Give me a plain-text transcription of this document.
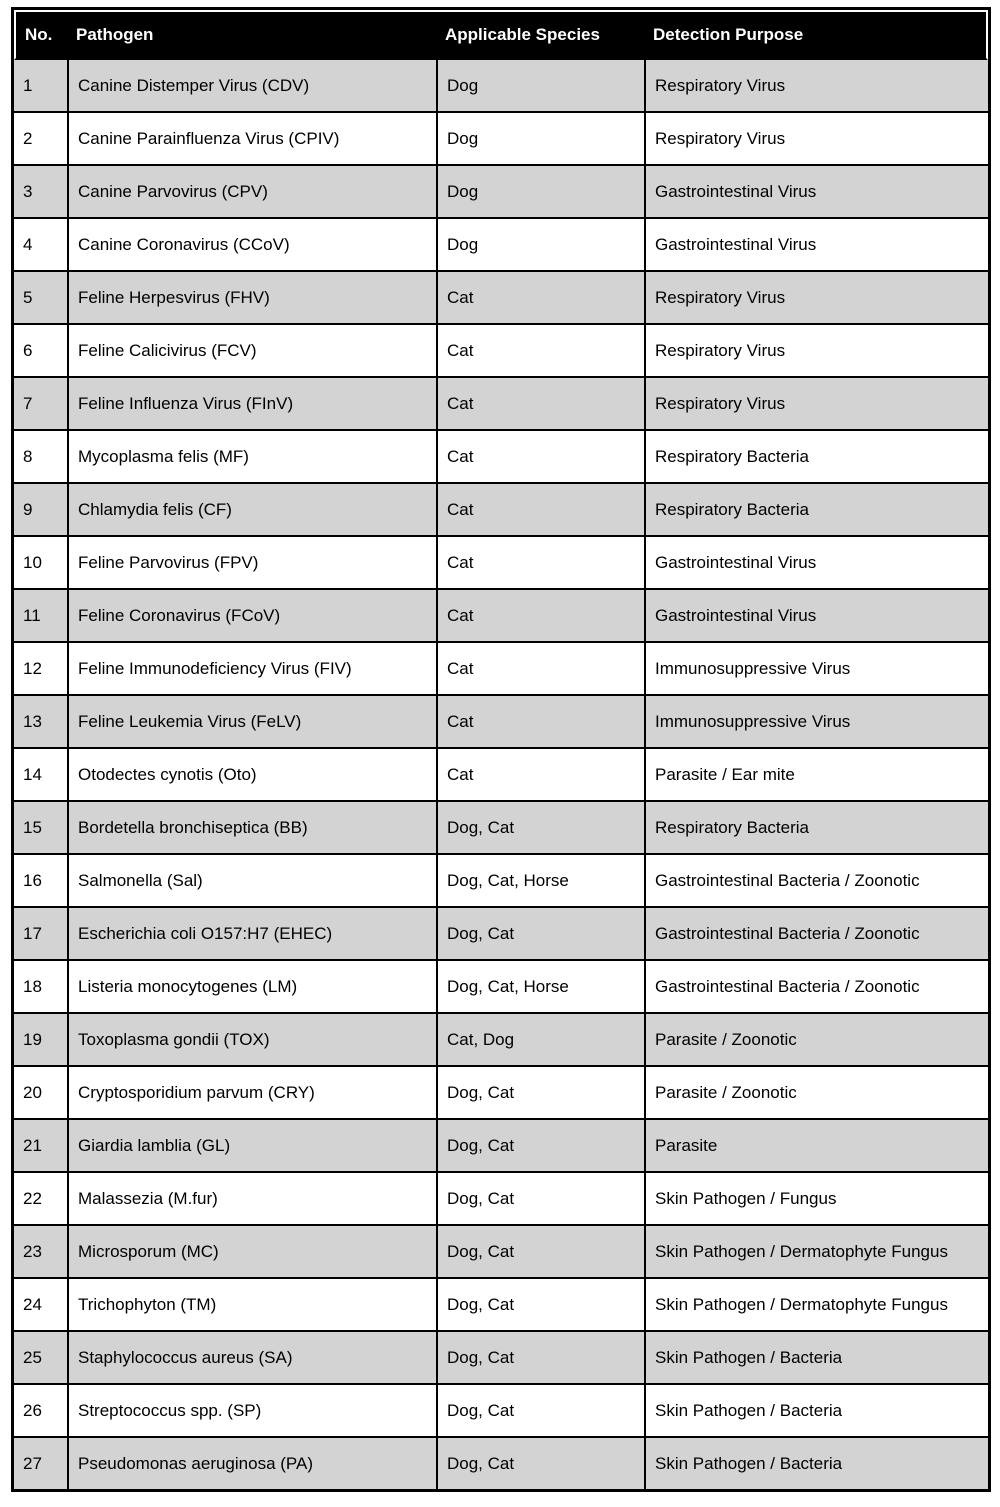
No.	Pathogen	Applicable Species	Detection Purpose
1	Canine Distemper Virus (CDV)	Dog	Respiratory Virus
2	Canine Parainfluenza Virus (CPIV)	Dog	Respiratory Virus
3	Canine Parvovirus (CPV)	Dog	Gastrointestinal Virus
4	Canine Coronavirus (CCoV)	Dog	Gastrointestinal Virus
5	Feline Herpesvirus (FHV)	Cat	Respiratory Virus
6	Feline Calicivirus (FCV)	Cat	Respiratory Virus
7	Feline Influenza Virus (FInV)	Cat	Respiratory Virus
8	Mycoplasma felis (MF)	Cat	Respiratory Bacteria
9	Chlamydia felis (CF)	Cat	Respiratory Bacteria
10	Feline Parvovirus (FPV)	Cat	Gastrointestinal Virus
11	Feline Coronavirus (FCoV)	Cat	Gastrointestinal Virus
12	Feline Immunodeficiency Virus (FIV)	Cat	Immunosuppressive Virus
13	Feline Leukemia Virus (FeLV)	Cat	Immunosuppressive Virus
14	Otodectes cynotis (Oto)	Cat	Parasite / Ear mite
15	Bordetella bronchiseptica (BB)	Dog, Cat	Respiratory Bacteria
16	Salmonella (Sal)	Dog, Cat, Horse	Gastrointestinal Bacteria / Zoonotic
17	Escherichia coli O157:H7 (EHEC)	Dog, Cat	Gastrointestinal Bacteria / Zoonotic
18	Listeria monocytogenes (LM)	Dog, Cat, Horse	Gastrointestinal Bacteria / Zoonotic
19	Toxoplasma gondii (TOX)	Cat, Dog	Parasite / Zoonotic
20	Cryptosporidium parvum (CRY)	Dog, Cat	Parasite / Zoonotic
21	Giardia lamblia (GL)	Dog, Cat	Parasite
22	Malassezia (M.fur)	Dog, Cat	Skin Pathogen / Fungus
23	Microsporum (MC)	Dog, Cat	Skin Pathogen / Dermatophyte Fungus
24	Trichophyton (TM)	Dog, Cat	Skin Pathogen / Dermatophyte Fungus
25	Staphylococcus aureus (SA)	Dog, Cat	Skin Pathogen / Bacteria
26	Streptococcus spp. (SP)	Dog, Cat	Skin Pathogen / Bacteria
27	Pseudomonas aeruginosa (PA)	Dog, Cat	Skin Pathogen / Bacteria
